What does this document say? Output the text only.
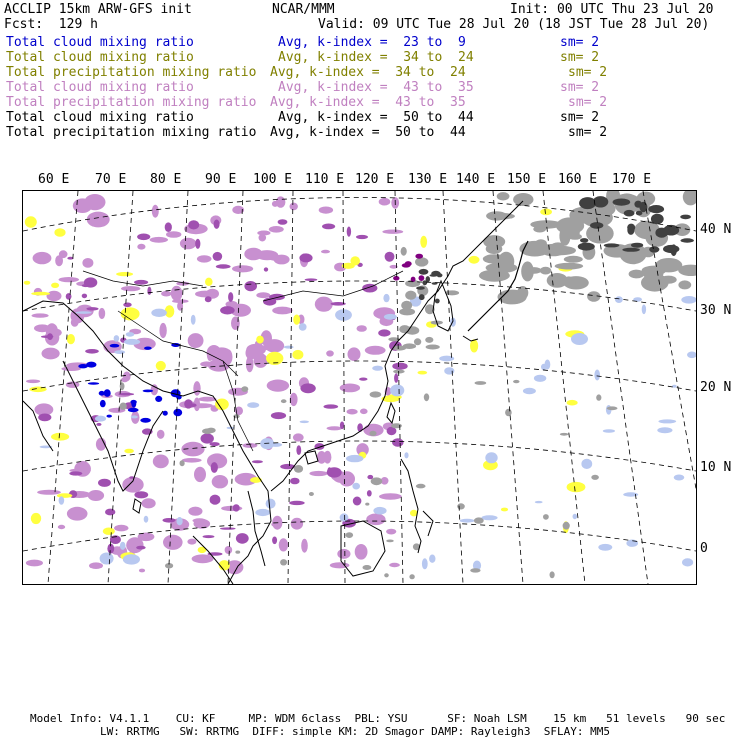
ACCLIP 15km ARW-GFS init	NCAR/MMM	Init: 00 UTC Thu 23 Jul 20
Fcst:  129 h	Valid: 09 UTC Tue 28 Jul 20 (18 JST Tue 28 Jul 20)
Total cloud mixing ratio	Avg, k-index =  23 to  9	sm= 2
Total cloud mixing ratio	Avg, k-index =  34 to  24	sm= 2
Total precipitation mixing ratio Avg, k-index =  34 to  24	sm= 2
Total cloud mixing ratio	Avg, k-index =  43 to  35	sm= 2
Total precipitation mixing ratio Avg, k-index =  43 to  35	sm= 2
Total cloud mixing ratio	Avg, k-index =  50 to  44	sm= 2
Total precipitation mixing ratio Avg, k-index =  50 to  44	sm= 2
60 E 70 E 80 E 90 E 100 E 110 E 120 E 130 E 140 E 150 E 160 E 170 E
40 N
30 N
20 N
10 N
0
Model Info: V4.1.1    CU: KF     MP: WDM 6class  PBL: YSU      SF: Noah LSM    15 km   51 levels   90 sec
LW: RRTMG   SW: RRTMG  DIFF: simple KM: 2D Smagor DAMP: Rayleigh3  SFLAY: MM5
